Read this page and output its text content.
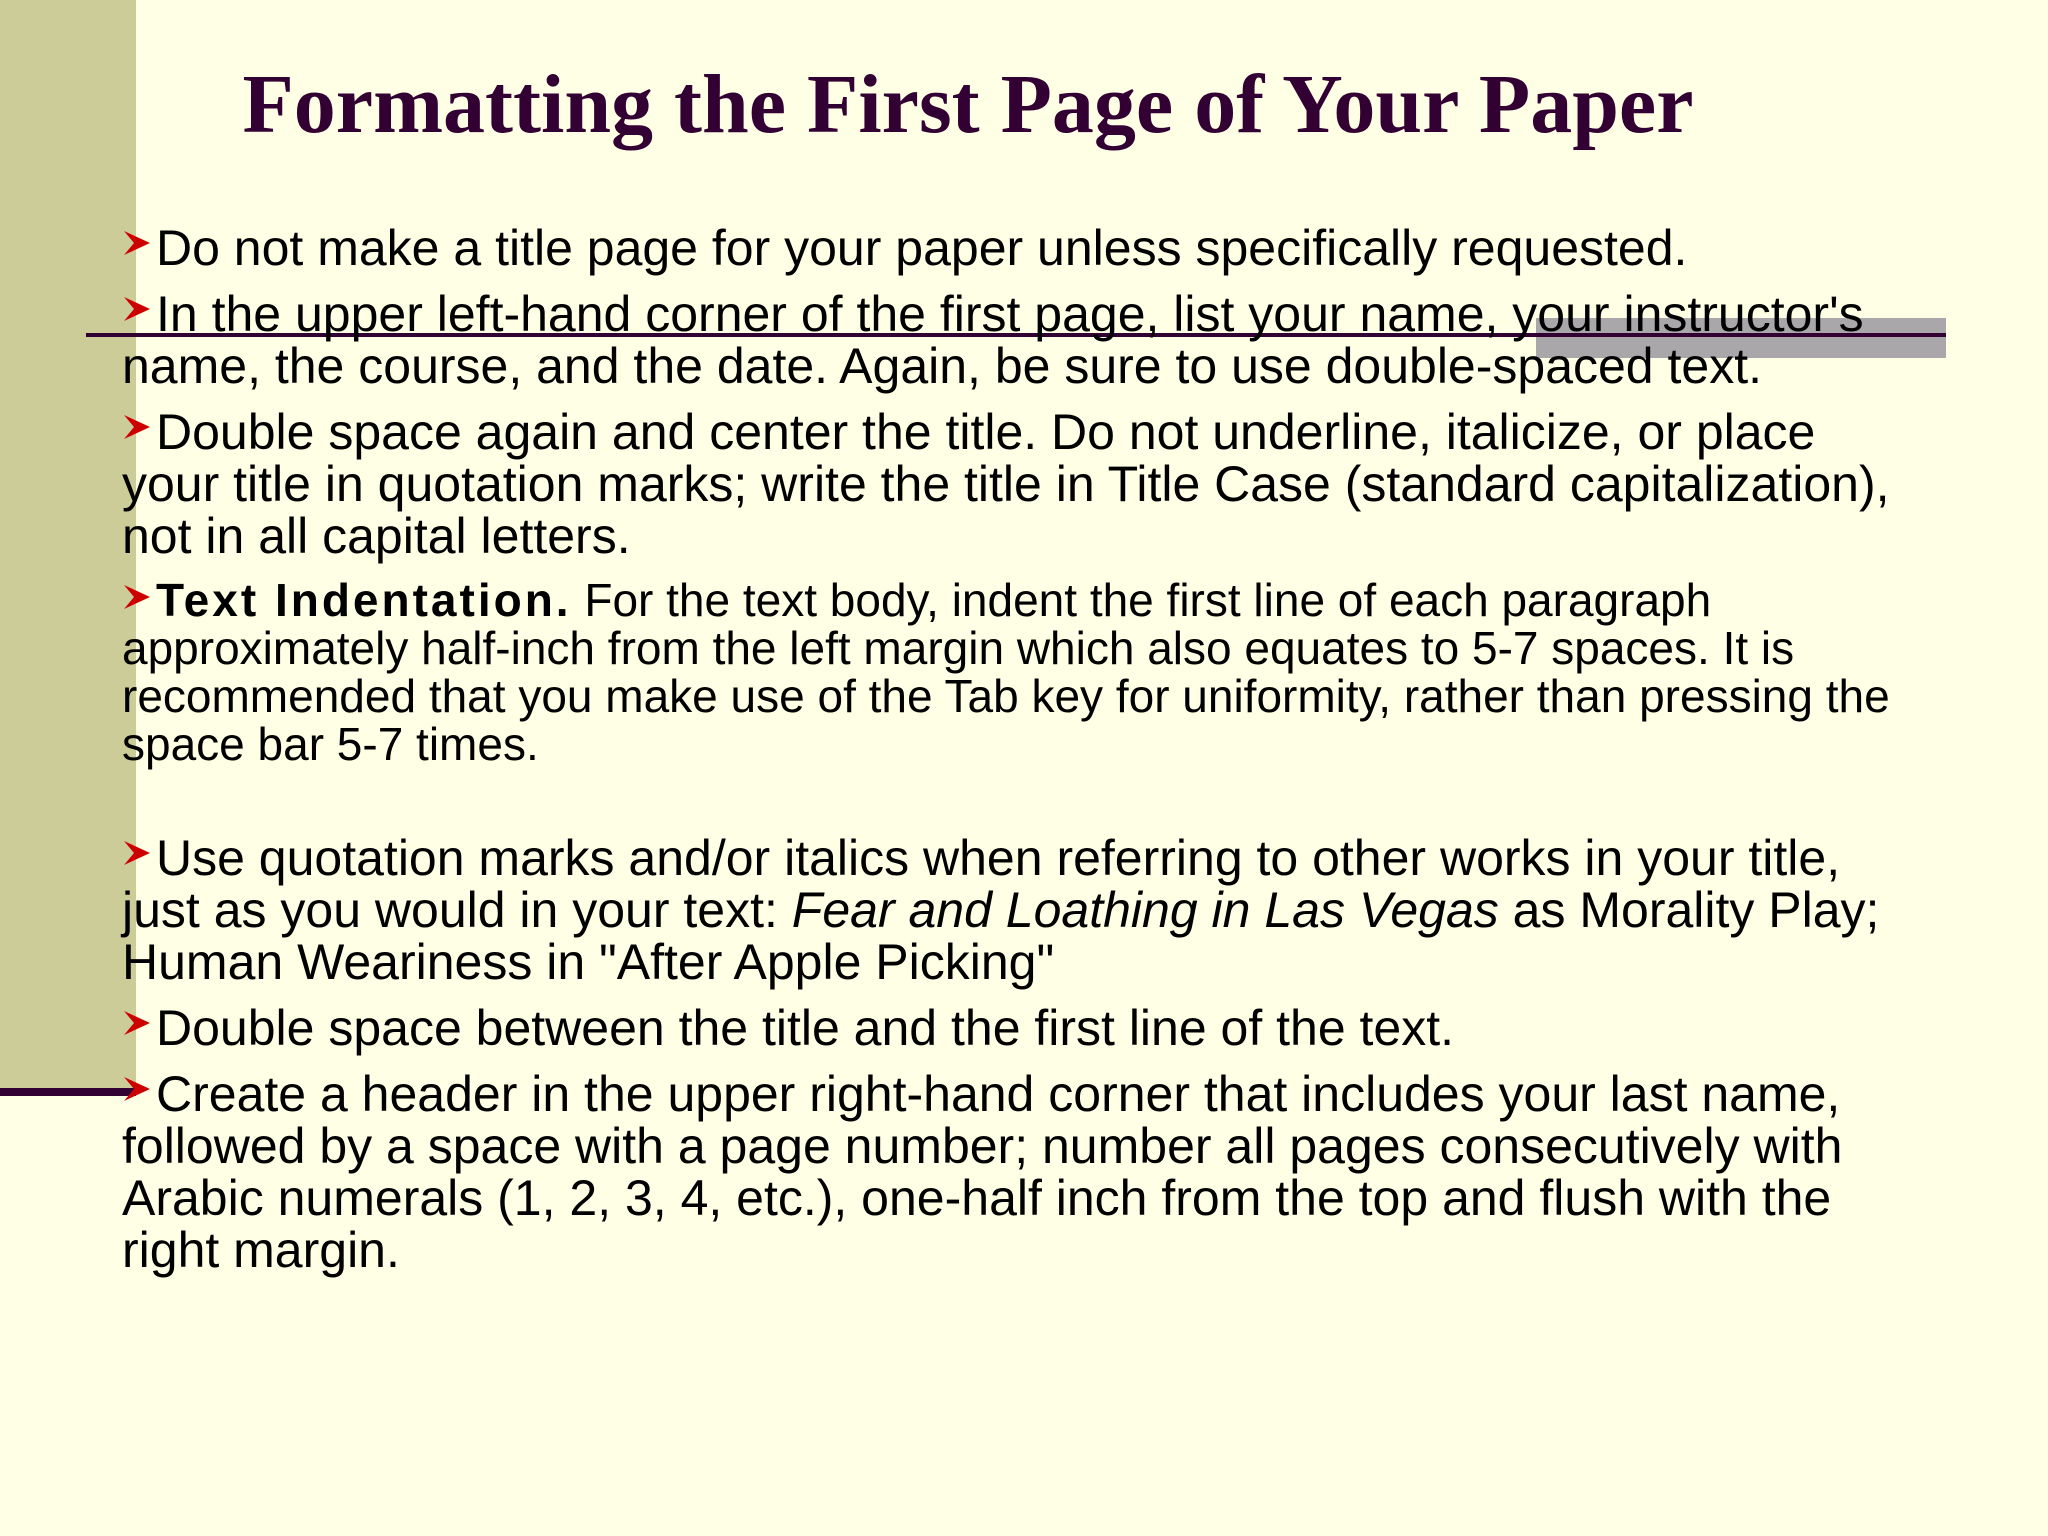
Formatting the First Page of Your Paper
Do not make a title page for your paper unless specifically requested.
In the upper left-hand corner of the first page, list your name, your instructor's name, the course, and the date. Again, be sure to use double-spaced text.
Double space again and center the title. Do not underline, italicize, or place your title in quotation marks; write the title in Title Case (standard capitalization), not in all capital letters.
Text Indentation. For the text body, indent the first line of each paragraph approximately half-inch from the left margin which also equates to 5-7 spaces. It is recommended that you make use of the Tab key for uniformity, rather than pressing the space bar 5-7 times.
Use quotation marks and/or italics when referring to other works in your title, just as you would in your text: Fear and Loathing in Las Vegas as Morality Play; Human Weariness in "After Apple Picking"
Double space between the title and the first line of the text.
Create a header in the upper right-hand corner that includes your last name, followed by a space with a page number; number all pages consecutively with Arabic numerals (1, 2, 3, 4, etc.), one-half inch from the top and flush with the right margin.
